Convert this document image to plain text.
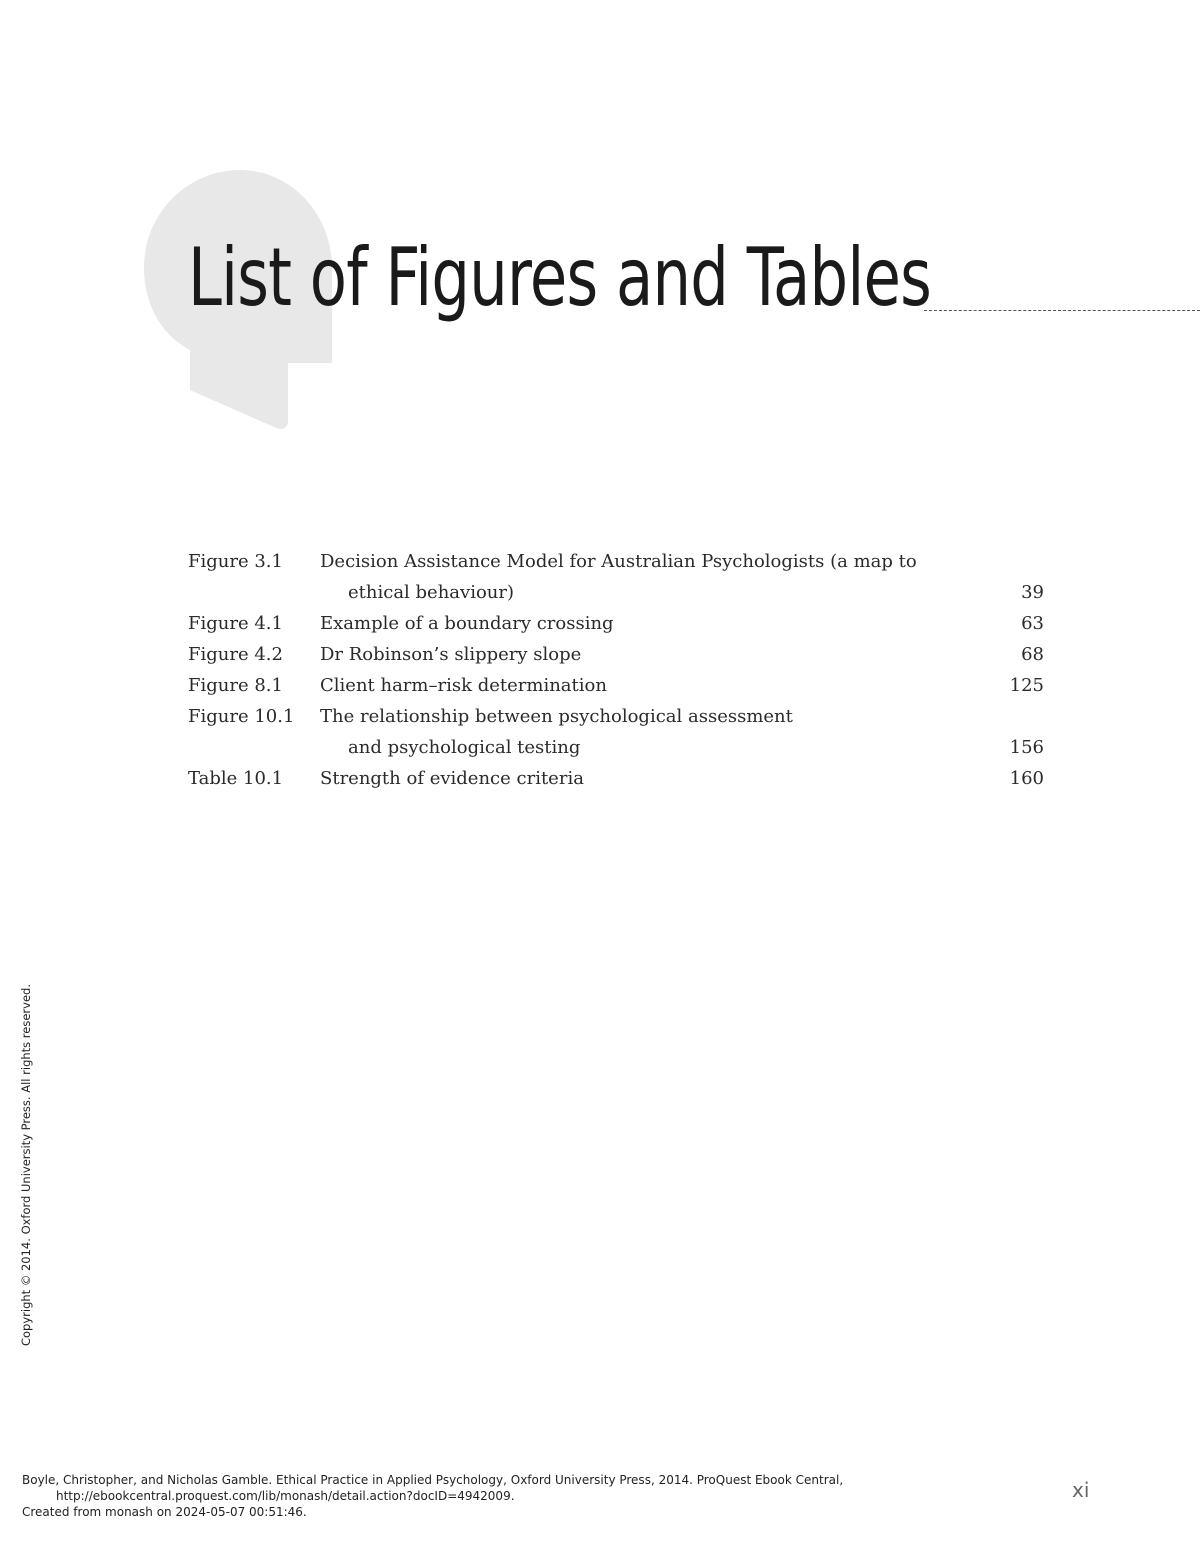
List of Figures and Tables
Figure 3.1 Decision Assistance Model for Australian Psychologists (a map to
ethical behaviour)	39
Figure 4.1 Example of a boundary crossing	63
Figure 4.2 Dr Robinson’s slippery slope	68
Figure 8.1 Client harm–risk determination	125
Figure 10.1 The relationship between psychological assessment
and psychological testing	156
Table 10.1 Strength of evidence criteria	160
Copyright © 2014. Oxford University Press. All rights reserved.
Boyle, Christopher, and Nicholas Gamble. Ethical Practice in Applied Psychology, Oxford University Press, 2014. ProQuest Ebook Central,
http://ebookcentral.proquest.com/lib/monash/detail.action?docID=4942009.
Created from monash on 2024-05-07 00:51:46.
xi
